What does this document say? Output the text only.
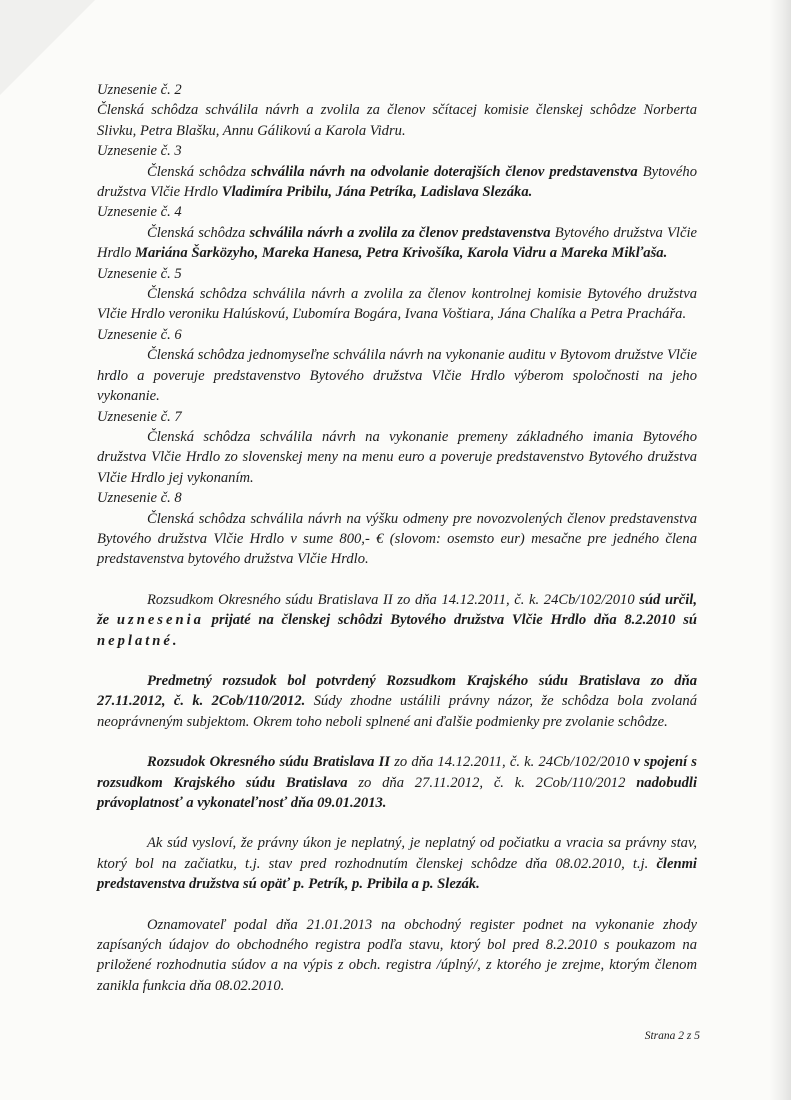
Uznesenie č. 2

Členská schôdza schválila návrh a zvolila za členov sčítacej komisie členskej schôdze Norberta Slivku, Petra Blašku, Annu Gálikovú a Karola Vidru.

Uznesenie č. 3

Členská schôdza schválila návrh na odvolanie doterajších členov predstavenstva Bytového družstva Vlčie Hrdlo Vladimíra Pribilu, Jána Petríka, Ladislava Slezáka.

Uznesenie č. 4

Členská schôdza schválila návrh a zvolila za členov predstavenstva Bytového družstva Vlčie Hrdlo Mariána Šarközyho, Mareka Hanesa, Petra Krivošíka, Karola Vidru a Mareka Mikľaša.

Uznesenie č. 5

Členská schôdza schválila návrh a zvolila za členov kontrolnej komisie Bytového družstva Vlčie Hrdlo veroniku Halúskovú, Ľubomíra Bogára, Ivana Voštiara, Jána Chalíka a Petra Prachářa.

Uznesenie č. 6

Členská schôdza jednomyseľne schválila návrh na vykonanie auditu v Bytovom družstve Vlčie hrdlo a poveruje predstavenstvo Bytového družstva Vlčie Hrdlo výberom spoločnosti na jeho vykonanie.

Uznesenie č. 7

Členská schôdza schválila návrh na vykonanie premeny základného imania Bytového družstva Vlčie Hrdlo zo slovenskej meny na menu euro a poveruje predstavenstvo Bytového družstva Vlčie Hrdlo jej vykonaním.

Uznesenie č. 8

Členská schôdza schválila návrh na výšku odmeny pre novozvolených členov predstavenstva Bytového družstva Vlčie Hrdlo v sume 800,- € (slovom: osemsto eur) mesačne pre jedného člena predstavenstva bytového družstva Vlčie Hrdlo.

Rozsudkom Okresného súdu Bratislava II zo dňa 14.12.2011, č. k. 24Cb/102/2010 súd určil, že uznesenia prijaté na členskej schôdzi Bytového družstva Vlčie Hrdlo dňa 8.2.2010 sú neplatné.

Predmetný rozsudok bol potvrdený Rozsudkom Krajského súdu Bratislava zo dňa 27.11.2012, č. k. 2Cob/110/2012. Súdy zhodne ustálili právny názor, že schôdza bola zvolaná neoprávneným subjektom. Okrem toho neboli splnené ani ďalšie podmienky pre zvolanie schôdze.

Rozsudok Okresného súdu Bratislava II zo dňa 14.12.2011, č. k. 24Cb/102/2010 v spojení s rozsudkom Krajského súdu Bratislava zo dňa 27.11.2012, č. k. 2Cob/110/2012 nadobudli právoplatnosť a vykonateľnosť dňa 09.01.2013.

Ak súd vysloví, že právny úkon je neplatný, je neplatný od počiatku a vracia sa právny stav, ktorý bol na začiatku, t.j. stav pred rozhodnutím členskej schôdze dňa 08.02.2010, t.j. členmi predstavenstva družstva sú opäť p. Petrík, p. Pribila a p. Slezák.

Oznamovateľ podal dňa 21.01.2013 na obchodný register podnet na vykonanie zhody zapísaných údajov do obchodného registra podľa stavu, ktorý bol pred 8.2.2010 s poukazom na priložené rozhodnutia súdov a na výpis z obch. registra /úplný/, z ktorého je zrejme, ktorým členom zanikla funkcia dňa 08.02.2010.

Strana 2 z 5
